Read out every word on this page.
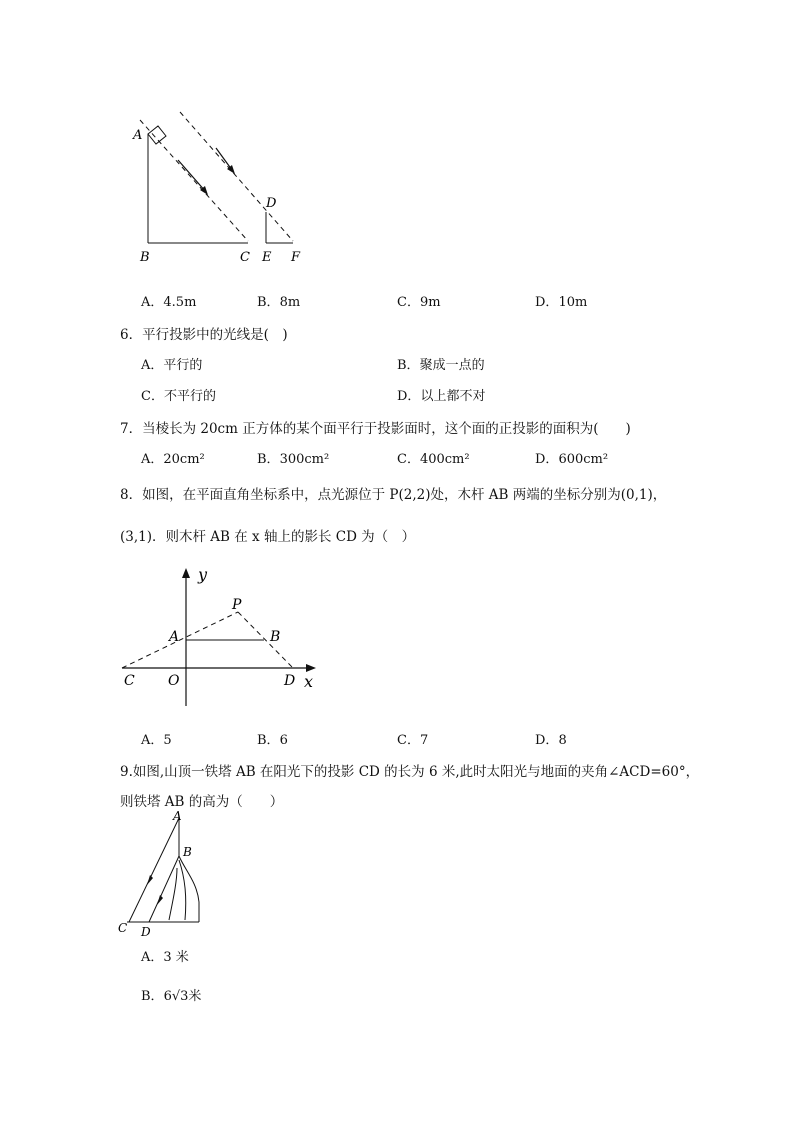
A
B	C
D
E F
A．4.5m	B．8m	C．9m	D．10m
6．平行投影中的光线是(　)
A．平行的	B．聚成一点的
C．不平行的	D．以上都不对
7．当棱长为 20cm 正方体的某个面平行于投影面时，这个面的正投影的面积为(　　)
A．20cm²	B．300cm²	C．400cm²	D．600cm²
8．如图，在平面直角坐标系中，点光源位于 P(2,2)处，木杆 AB 两端的坐标分别为(0,1)，
(3,1)．则木杆 AB 在 x 轴上的影长 CD 为（　）
y
x
P
A	B
C O	D
A．5	B．6	C．7	D．8
9.如图,山顶一铁塔 AB 在阳光下的投影 CD 的长为 6 米,此时太阳光与地面的夹角∠ACD=60°，
则铁塔 AB 的高为（　　）
A
B
C D
A．3 米
B．6√3米
